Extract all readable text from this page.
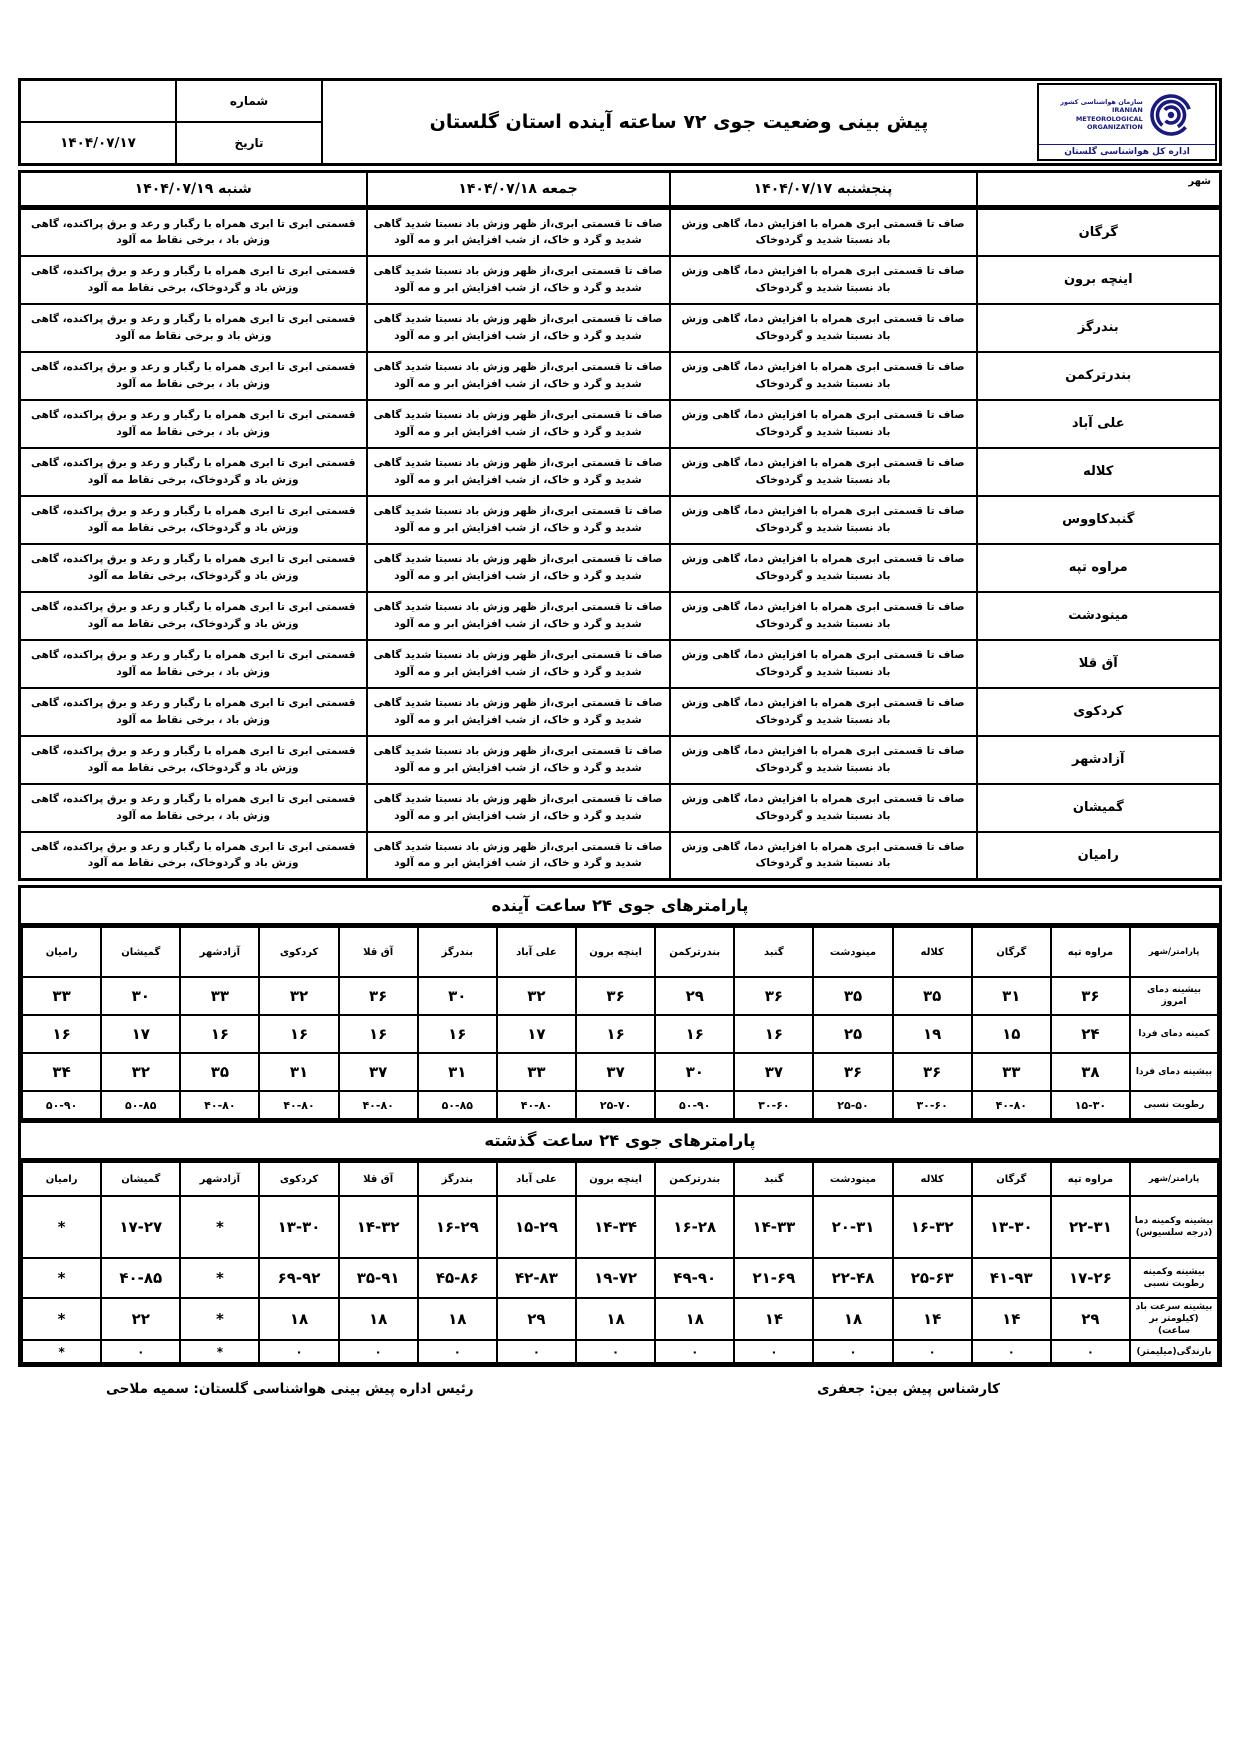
سازمان هواشناسی کشور
IRANIAN
METEOROLOGICAL
ORGANIZATION
اداره کل هواشناسی گلستان
پیش بینی وضعیت جوی ۷۲ ساعته آینده استان گلستان
شماره
تاریخ
۱۴۰۴/۰۷/۱۷
شهر	پنجشنبه ۱۴۰۴/۰۷/۱۷	جمعه ۱۴۰۴/۰۷/۱۸	شنبه ۱۴۰۴/۰۷/۱۹
گرگان	صاف تا قسمتی ابری همراه با افزایش دما، گاهی وزش باد نسبتا شدید و گردوخاک	صاف تا قسمتی ابری،از ظهر وزش باد نسبتا شدید گاهی شدید و گرد و خاک، از شب افزایش ابر و مه آلود	قسمتی ابری تا ابری همراه با رگبار و رعد و برق پراکنده، گاهی وزش باد ، برخی نقاط مه آلود
اینچه برون	صاف تا قسمتی ابری همراه با افزایش دما، گاهی وزش باد نسبتا شدید و گردوخاک	صاف تا قسمتی ابری،از ظهر وزش باد نسبتا شدید گاهی شدید و گرد و خاک، از شب افزایش ابر و مه آلود	قسمتی ابری تا ابری همراه با رگبار و رعد و برق پراکنده، گاهی وزش باد و گردوخاک، برخی نقاط مه آلود
بندرگز	صاف تا قسمتی ابری همراه با افزایش دما، گاهی وزش باد نسبتا شدید و گردوخاک	صاف تا قسمتی ابری،از ظهر وزش باد نسبتا شدید گاهی شدید و گرد و خاک، از شب افزایش ابر و مه آلود	قسمتی ابری تا ابری همراه با رگبار و رعد و برق پراکنده، گاهی وزش باد و برخی نقاط مه آلود
بندرترکمن	صاف تا قسمتی ابری همراه با افزایش دما، گاهی وزش باد نسبتا شدید و گردوخاک	صاف تا قسمتی ابری،از ظهر وزش باد نسبتا شدید گاهی شدید و گرد و خاک، از شب افزایش ابر و مه آلود	قسمتی ابری تا ابری همراه با رگبار و رعد و برق پراکنده، گاهی وزش باد ، برخی نقاط مه آلود
علی آباد	صاف تا قسمتی ابری همراه با افزایش دما، گاهی وزش باد نسبتا شدید و گردوخاک	صاف تا قسمتی ابری،از ظهر وزش باد نسبتا شدید گاهی شدید و گرد و خاک، از شب افزایش ابر و مه آلود	قسمتی ابری تا ابری همراه با رگبار و رعد و برق پراکنده، گاهی وزش باد ، برخی نقاط مه آلود
کلاله	صاف تا قسمتی ابری همراه با افزایش دما، گاهی وزش باد نسبتا شدید و گردوخاک	صاف تا قسمتی ابری،از ظهر وزش باد نسبتا شدید گاهی شدید و گرد و خاک، از شب افزایش ابر و مه آلود	قسمتی ابری تا ابری همراه با رگبار و رعد و برق پراکنده، گاهی وزش باد و گردوخاک، برخی نقاط مه آلود
گنبدکاووس	صاف تا قسمتی ابری همراه با افزایش دما، گاهی وزش باد نسبتا شدید و گردوخاک	صاف تا قسمتی ابری،از ظهر وزش باد نسبتا شدید گاهی شدید و گرد و خاک، از شب افزایش ابر و مه آلود	قسمتی ابری تا ابری همراه با رگبار و رعد و برق پراکنده، گاهی وزش باد و گردوخاک، برخی نقاط مه آلود
مراوه تپه	صاف تا قسمتی ابری همراه با افزایش دما، گاهی وزش باد نسبتا شدید و گردوخاک	صاف تا قسمتی ابری،از ظهر وزش باد نسبتا شدید گاهی شدید و گرد و خاک، از شب افزایش ابر و مه آلود	قسمتی ابری تا ابری همراه با رگبار و رعد و برق پراکنده، گاهی وزش باد و گردوخاک، برخی نقاط مه آلود
مینودشت	صاف تا قسمتی ابری همراه با افزایش دما، گاهی وزش باد نسبتا شدید و گردوخاک	صاف تا قسمتی ابری،از ظهر وزش باد نسبتا شدید گاهی شدید و گرد و خاک، از شب افزایش ابر و مه آلود	قسمتی ابری تا ابری همراه با رگبار و رعد و برق پراکنده، گاهی وزش باد و گردوخاک، برخی نقاط مه آلود
آق قلا	صاف تا قسمتی ابری همراه با افزایش دما، گاهی وزش باد نسبتا شدید و گردوخاک	صاف تا قسمتی ابری،از ظهر وزش باد نسبتا شدید گاهی شدید و گرد و خاک، از شب افزایش ابر و مه آلود	قسمتی ابری تا ابری همراه با رگبار و رعد و برق پراکنده، گاهی وزش باد ، برخی نقاط مه آلود
کردکوی	صاف تا قسمتی ابری همراه با افزایش دما، گاهی وزش باد نسبتا شدید و گردوخاک	صاف تا قسمتی ابری،از ظهر وزش باد نسبتا شدید گاهی شدید و گرد و خاک، از شب افزایش ابر و مه آلود	قسمتی ابری تا ابری همراه با رگبار و رعد و برق پراکنده، گاهی وزش باد ، برخی نقاط مه آلود
آزادشهر	صاف تا قسمتی ابری همراه با افزایش دما، گاهی وزش باد نسبتا شدید و گردوخاک	صاف تا قسمتی ابری،از ظهر وزش باد نسبتا شدید گاهی شدید و گرد و خاک، از شب افزایش ابر و مه آلود	قسمتی ابری تا ابری همراه با رگبار و رعد و برق پراکنده، گاهی وزش باد و گردوخاک، برخی نقاط مه آلود
گمیشان	صاف تا قسمتی ابری همراه با افزایش دما، گاهی وزش باد نسبتا شدید و گردوخاک	صاف تا قسمتی ابری،از ظهر وزش باد نسبتا شدید گاهی شدید و گرد و خاک، از شب افزایش ابر و مه آلود	قسمتی ابری تا ابری همراه با رگبار و رعد و برق پراکنده، گاهی وزش باد ، برخی نقاط مه آلود
رامیان	صاف تا قسمتی ابری همراه با افزایش دما، گاهی وزش باد نسبتا شدید و گردوخاک	صاف تا قسمتی ابری،از ظهر وزش باد نسبتا شدید گاهی شدید و گرد و خاک، از شب افزایش ابر و مه آلود	قسمتی ابری تا ابری همراه با رگبار و رعد و برق پراکنده، گاهی وزش باد و گردوخاک، برخی نقاط مه آلود
پارامترهای جوی ۲۴ ساعت آینده
پارامتر/شهر	مراوه تپه	گرگان	کلاله	مینودشت	گنبد	بندرترکمن	اینچه برون	علی آباد	بندرگز	آق قلا	کردکوی	آزادشهر	گمیشان	رامیان
بیشینه دمای امروز	۳۶	۳۱	۳۵	۳۵	۳۶	۲۹	۳۶	۳۲	۳۰	۳۶	۳۲	۳۳	۳۰	۳۳
کمینه دمای فردا	۲۴	۱۵	۱۹	۲۵	۱۶	۱۶	۱۶	۱۷	۱۶	۱۶	۱۶	۱۶	۱۷	۱۶
بیشینه دمای فردا	۳۸	۳۳	۳۶	۳۶	۳۷	۳۰	۳۷	۳۳	۳۱	۳۷	۳۱	۳۵	۳۲	۳۴
رطوبت نسبی	۱۵-۳۰	۴۰-۸۰	۳۰-۶۰	۲۵-۵۰	۳۰-۶۰	۵۰-۹۰	۲۵-۷۰	۴۰-۸۰	۵۰-۸۵	۴۰-۸۰	۴۰-۸۰	۴۰-۸۰	۵۰-۸۵	۵۰-۹۰
پارامترهای جوی ۲۴ ساعت گذشته
پارامتر/شهر	مراوه تپه	گرگان	کلاله	مینودشت	گنبد	بندرترکمن	اینچه برون	علی آباد	بندرگز	آق قلا	کردکوی	آزادشهر	گمیشان	رامیان
بیشینه وکمینه دما (درجه سلسیوس)	۲۲-۳۱	۱۳-۳۰	۱۶-۳۲	۲۰-۳۱	۱۴-۳۳	۱۶-۲۸	۱۴-۳۴	۱۵-۲۹	۱۶-۲۹	۱۴-۳۲	۱۳-۳۰	*	۱۷-۲۷	*
بیشینه وکمینه رطوبت نسبی	۱۷-۲۶	۴۱-۹۳	۲۵-۶۳	۲۲-۴۸	۲۱-۶۹	۴۹-۹۰	۱۹-۷۲	۴۲-۸۳	۴۵-۸۶	۳۵-۹۱	۶۹-۹۲	*	۴۰-۸۵	*
بیشینه سرعت باد (کیلومتر بر ساعت)	۲۹	۱۴	۱۴	۱۸	۱۴	۱۸	۱۸	۲۹	۱۸	۱۸	۱۸	*	۲۲	*
بارندگی(میلیمتر)	۰	۰	۰	۰	۰	۰	۰	۰	۰	۰	۰	*	۰	*
کارشناس پیش بین: جعفری
رئیس اداره پیش بینی هواشناسی گلستان: سمیه ملاحی
